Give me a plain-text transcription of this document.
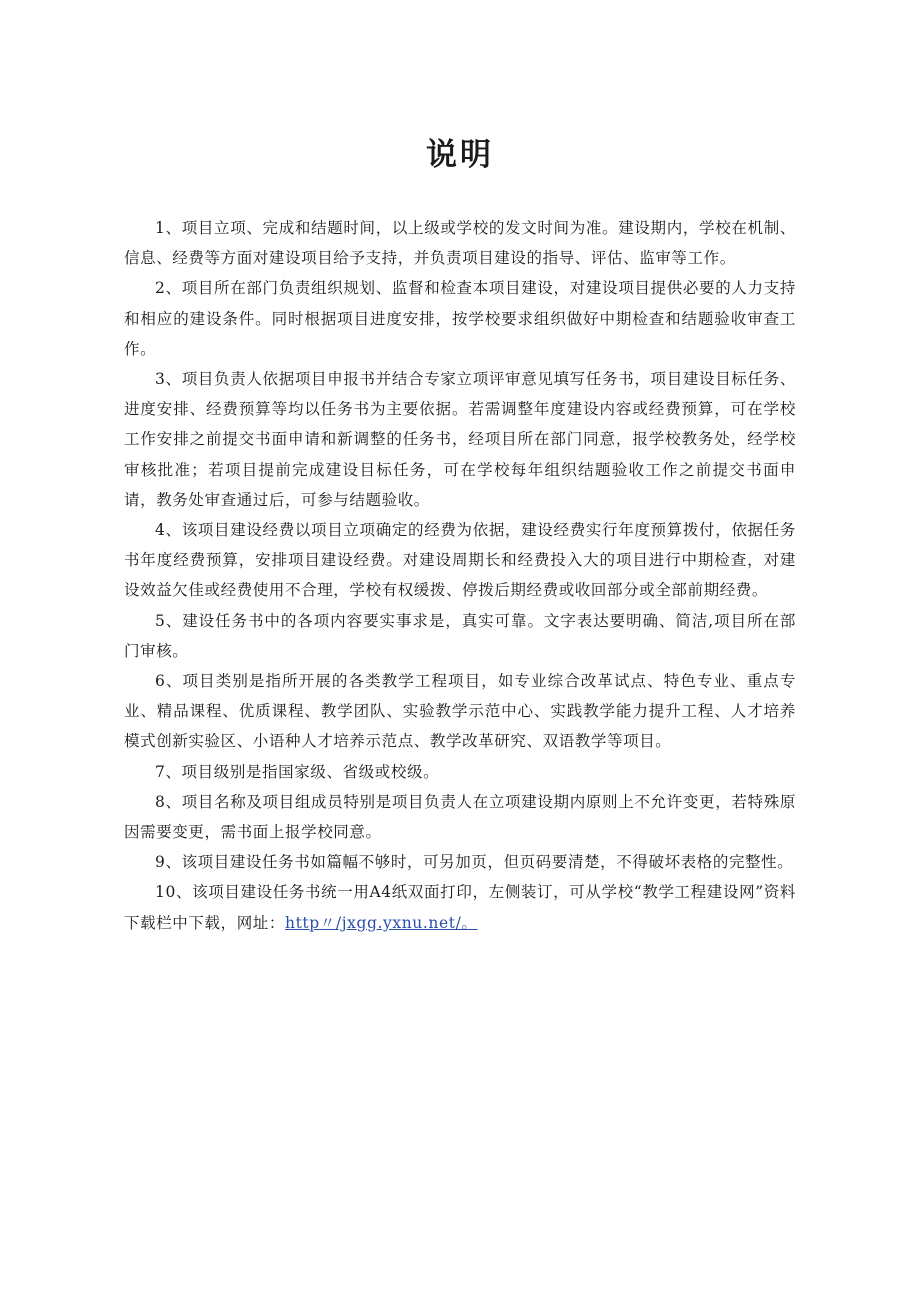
说明

1、项目立项、完成和结题时间，以上级或学校的发文时间为准。建设期内，学校在机制、信息、经费等方面对建设项目给予支持，并负责项目建设的指导、评估、监审等工作。

2、项目所在部门负责组织规划、监督和检查本项目建设，对建设项目提供必要的人力支持和相应的建设条件。同时根据项目进度安排，按学校要求组织做好中期检查和结题验收审查工作。

3、项目负责人依据项目申报书并结合专家立项评审意见填写任务书，项目建设目标任务、进度安排、经费预算等均以任务书为主要依据。若需调整年度建设内容或经费预算，可在学校工作安排之前提交书面申请和新调整的任务书，经项目所在部门同意，报学校教务处，经学校审核批准；若项目提前完成建设目标任务，可在学校每年组织结题验收工作之前提交书面申请，教务处审查通过后，可参与结题验收。

4、该项目建设经费以项目立项确定的经费为依据，建设经费实行年度预算拨付，依据任务书年度经费预算，安排项目建设经费。对建设周期长和经费投入大的项目进行中期检查，对建设效益欠佳或经费使用不合理，学校有权缓拨、停拨后期经费或收回部分或全部前期经费。

5、建设任务书中的各项内容要实事求是，真实可靠。文字表达要明确、简洁,项目所在部门审核。

6、项目类别是指所开展的各类教学工程项目，如专业综合改革试点、特色专业、重点专业、精品课程、优质课程、教学团队、实验教学示范中心、实践教学能力提升工程、人才培养模式创新实验区、小语种人才培养示范点、教学改革研究、双语教学等项目。

7、项目级别是指国家级、省级或校级。

8、项目名称及项目组成员特别是项目负责人在立项建设期内原则上不允许变更，若特殊原因需要变更，需书面上报学校同意。

9、该项目建设任务书如篇幅不够时，可另加页，但页码要清楚，不得破坏表格的完整性。

10、该项目建设任务书统一用A4纸双面打印，左侧装订，可从学校“教学工程建设网”资料下载栏中下载，网址：http〃/jxgg.yxnu.net/。
